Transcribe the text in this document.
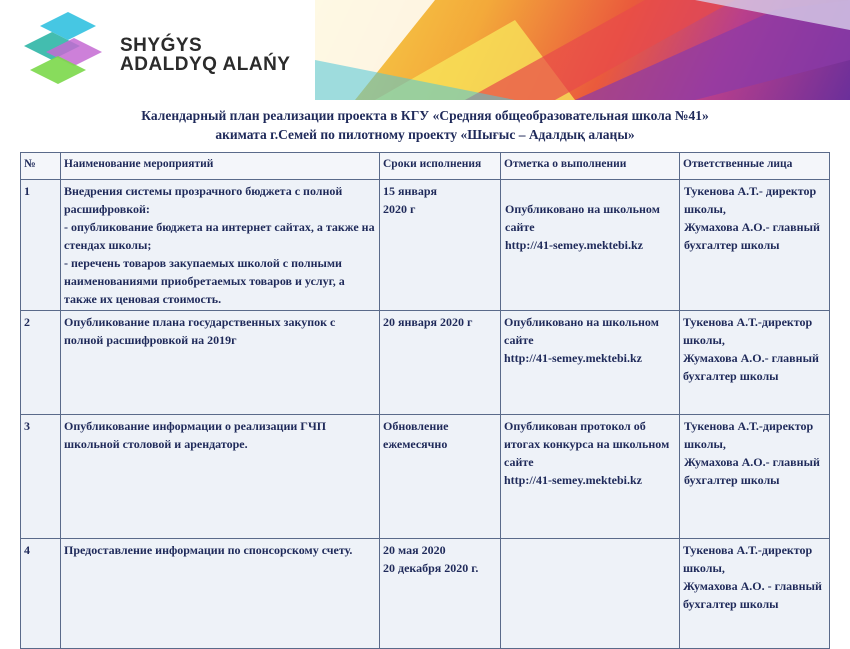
SHYǴYS
ADALDYQ ALAŃY
Календарный план реализации проекта в КГУ «Средняя общеобразовательная школа №41»
акимата г.Семей по пилотному проекту «Шығыс – Адалдық алаңы»
№	Наименование мероприятий	Сроки исполнения	Отметка о выполнении	Ответственные лица
1	Внедрения системы прозрачного бюджета с полной расшифровкой:
- опубликование бюджета на интернет сайтах, а также на стендах школы;
- перечень товаров закупаемых школой с полными наименованиями приобретаемых товаров и услуг, а также их ценовая стоимость.	15 января
2020 г	Опубликовано на школьном сайте
http://41-semey.mektebi.kz	Тукенова А.Т.- директор школы,
Жумахова А.О.- главный бухгалтер школы

2	Опубликование плана государственных закупок с полной расшифровкой на 2019г	20 января 2020 г	Опубликовано на школьном сайте
http://41-semey.mektebi.kz	Тукенова А.Т.-директор школы,
Жумахова А.О.- главный бухгалтер школы

3	Опубликование информации о реализации ГЧП школьной столовой и арендаторе.	Обновление ежемесячно	Опубликован протокол об итогах конкурса на школьном сайте
http://41-semey.mektebi.kz	Тукенова А.Т.-директор школы,
Жумахова А.О.- главный бухгалтер школы

4	Предоставление информации по спонсорскому счету.	20 мая 2020
20 декабря 2020 г.		Тукенова А.Т.-директор школы,
Жумахова А.О. - главный бухгалтер школы
